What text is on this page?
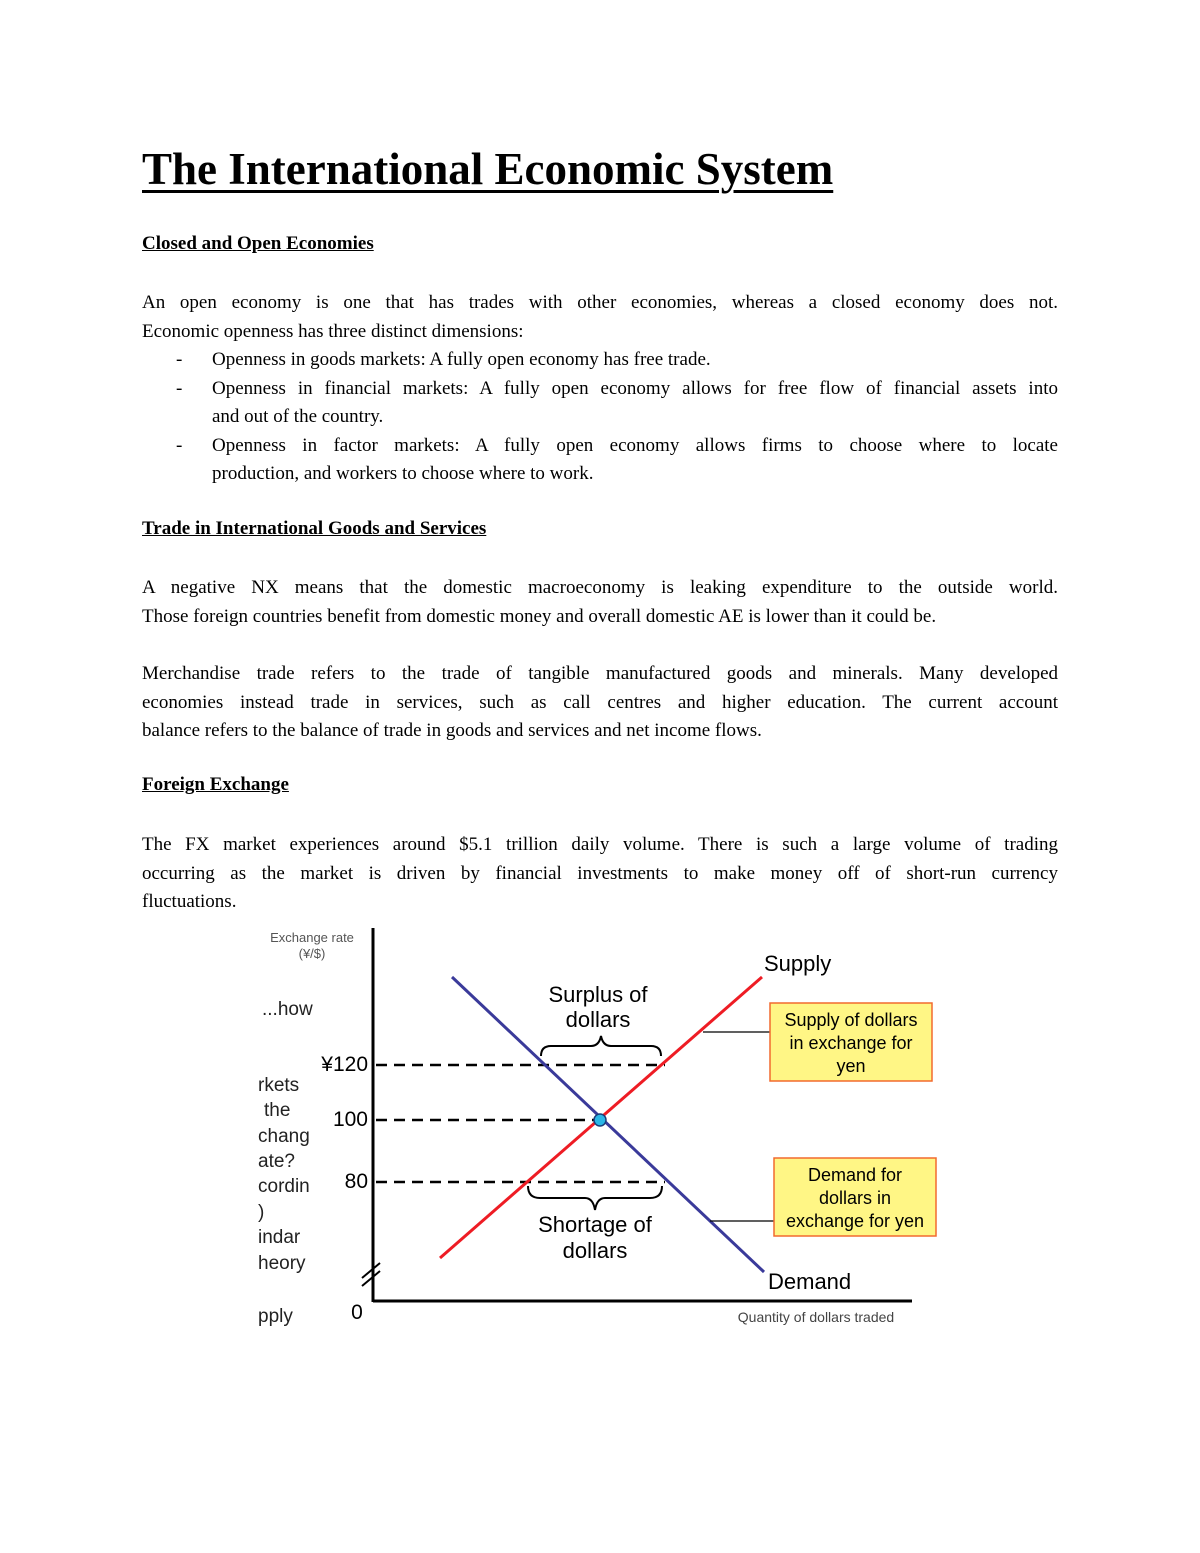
The International Economic System
Closed and Open Economies

An open economy is one that has trades with other economies, whereas a closed economy does not.
Economic openness has three distinct dimensions:

- Openness in goods markets: A fully open economy has free trade.
- Openness in financial markets: A fully open economy allows for free flow of financial assets into
and out of the country.
- Openness in factor markets: A fully open economy allows firms to choose where to locate
production, and workers to choose where to work.
Trade in International Goods and Services

A negative NX means that the domestic macroeconomy is leaking expenditure to the outside world.
Those foreign countries benefit from domestic money and overall domestic AE is lower than it could be.

Merchandise trade refers to the trade of tangible manufactured goods and minerals. Many developed
economies instead trade in services, such as call centres and higher education. The current account
balance refers to the balance of trade in goods and services and net income flows.

Foreign Exchange

The FX market experiences around $5.1 trillion daily volume. There is such a large volume of trading
occurring as the market is driven by financial investments to make money off of short-run currency
fluctuations.

...how
rkets
the
chang
ate?
cordin
)
indar
heory
pply
Exchange rate
(¥/$)
¥120
100
80
0	Quantity of dollars traded
Supply
Demand
Surplus of
dollars
Shortage of
dollars
Supply of dollars
in exchange for
yen
Demand for
dollars in
exchange for yen
